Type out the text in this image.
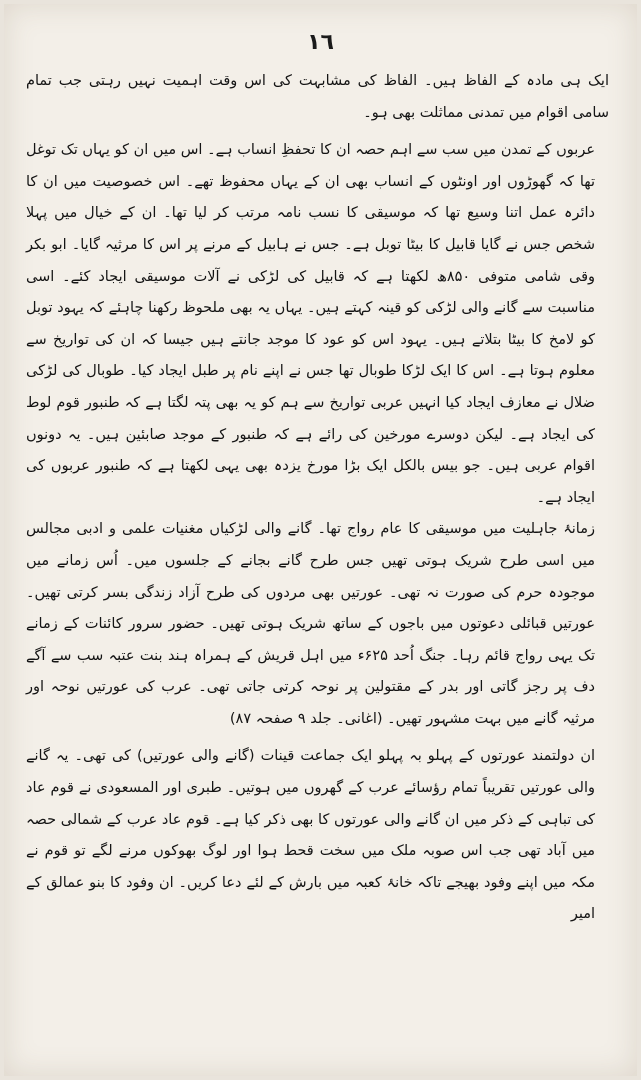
١٦

ایک ہی مادہ کے الفاظ ہیں۔ الفاظ کی مشابہت کی اس وقت اہمیت نہیں رہتی جب تمام سامی اقوام میں تمدنی مماثلت بھی ہو۔

عربوں کے تمدن میں سب سے اہم حصہ ان کا تحفظِ انساب ہے۔ اس میں ان کو یہاں تک توغل تھا کہ گھوڑوں اور اونٹوں کے انساب بھی ان کے یہاں محفوظ تھے۔ اس خصوصیت میں ان کا دائرہ عمل اتنا وسیع تھا کہ موسیقی کا نسب نامہ مرتب کر لیا تھا۔ ان کے خیال میں پہلا شخص جس نے گایا قابیل کا بیٹا توبل ہے۔ جس نے ہابیل کے مرنے پر اس کا مرثیہ گایا۔ ابو بکر وقی شامی متوفی ۸۵۰ھ لکھتا ہے کہ قابیل کی لڑکی نے آلات موسیقی ایجاد کئے۔ اسی مناسبت سے گانے والی لڑکی کو قینہ کہتے ہیں۔ یہاں یہ بھی ملحوظ رکھنا چاہئے کہ یہود توبل کو لامخ کا بیٹا بتلاتے ہیں۔ یہود اس کو عود کا موجد جانتے ہیں جیسا کہ ان کی تواریخ سے معلوم ہوتا ہے۔ اس کا ایک لڑکا طوبال تھا جس نے اپنے نام پر طبل ایجاد کیا۔ طوبال کی لڑکی ضلال نے معازف ایجاد کیا انہیں عربی تواریخ سے ہم کو یہ بھی پتہ لگتا ہے کہ طنبور قوم لوط کی ایجاد ہے۔ لیکن دوسرے مورخین کی رائے ہے کہ طنبور کے موجد صابئین ہیں۔ یہ دونوں اقوام عربی ہیں۔ جو بیس بالکل ایک بڑا مورخ یزدہ بھی یہی لکھتا ہے کہ طنبور عربوں کی ایجاد ہے۔

زمانۂ جاہلیت میں موسیقی کا عام رواج تھا۔ گانے والی لڑکیاں مغنیات علمی و ادبی مجالس میں اسی طرح شریک ہوتی تھیں جس طرح گانے بجانے کے جلسوں میں۔ اُس زمانے میں موجودہ حرم کی صورت نہ تھی۔ عورتیں بھی مردوں کی طرح آزاد زندگی بسر کرتی تھیں۔ عورتیں قبائلی دعوتوں میں باجوں کے ساتھ شریک ہوتی تھیں۔ حضور سرور کائنات کے زمانے تک یہی رواج قائم رہا۔ جنگ اُحد ۶۲۵ء میں اہل قریش کے ہمراہ ہند بنت عتبہ سب سے آگے دف پر رجز گاتی اور بدر کے مقتولین پر نوحہ کرتی جاتی تھی۔ عرب کی عورتیں نوحہ اور مرثیہ گانے میں بہت مشہور تھیں۔ (اغانی۔ جلد ۹ صفحہ ۸۷)

ان دولتمند عورتوں کے پہلو بہ پہلو ایک جماعت قینات (گانے والی عورتیں) کی تھی۔ یہ گانے والی عورتیں تقریباً تمام رؤسائے عرب کے گھروں میں ہوتیں۔ طبری اور المسعودی نے قوم عاد کی تباہی کے ذکر میں ان گانے والی عورتوں کا بھی ذکر کیا ہے۔ قوم عاد عرب کے شمالی حصہ میں آباد تھی جب اس صوبہ ملک میں سخت قحط ہوا اور لوگ بھوکوں مرنے لگے تو قوم نے مکہ میں اپنے وفود بھیجے تاکہ خانۂ کعبہ میں بارش کے لئے دعا کریں۔ ان وفود کا بنو عمالق کے امیر
